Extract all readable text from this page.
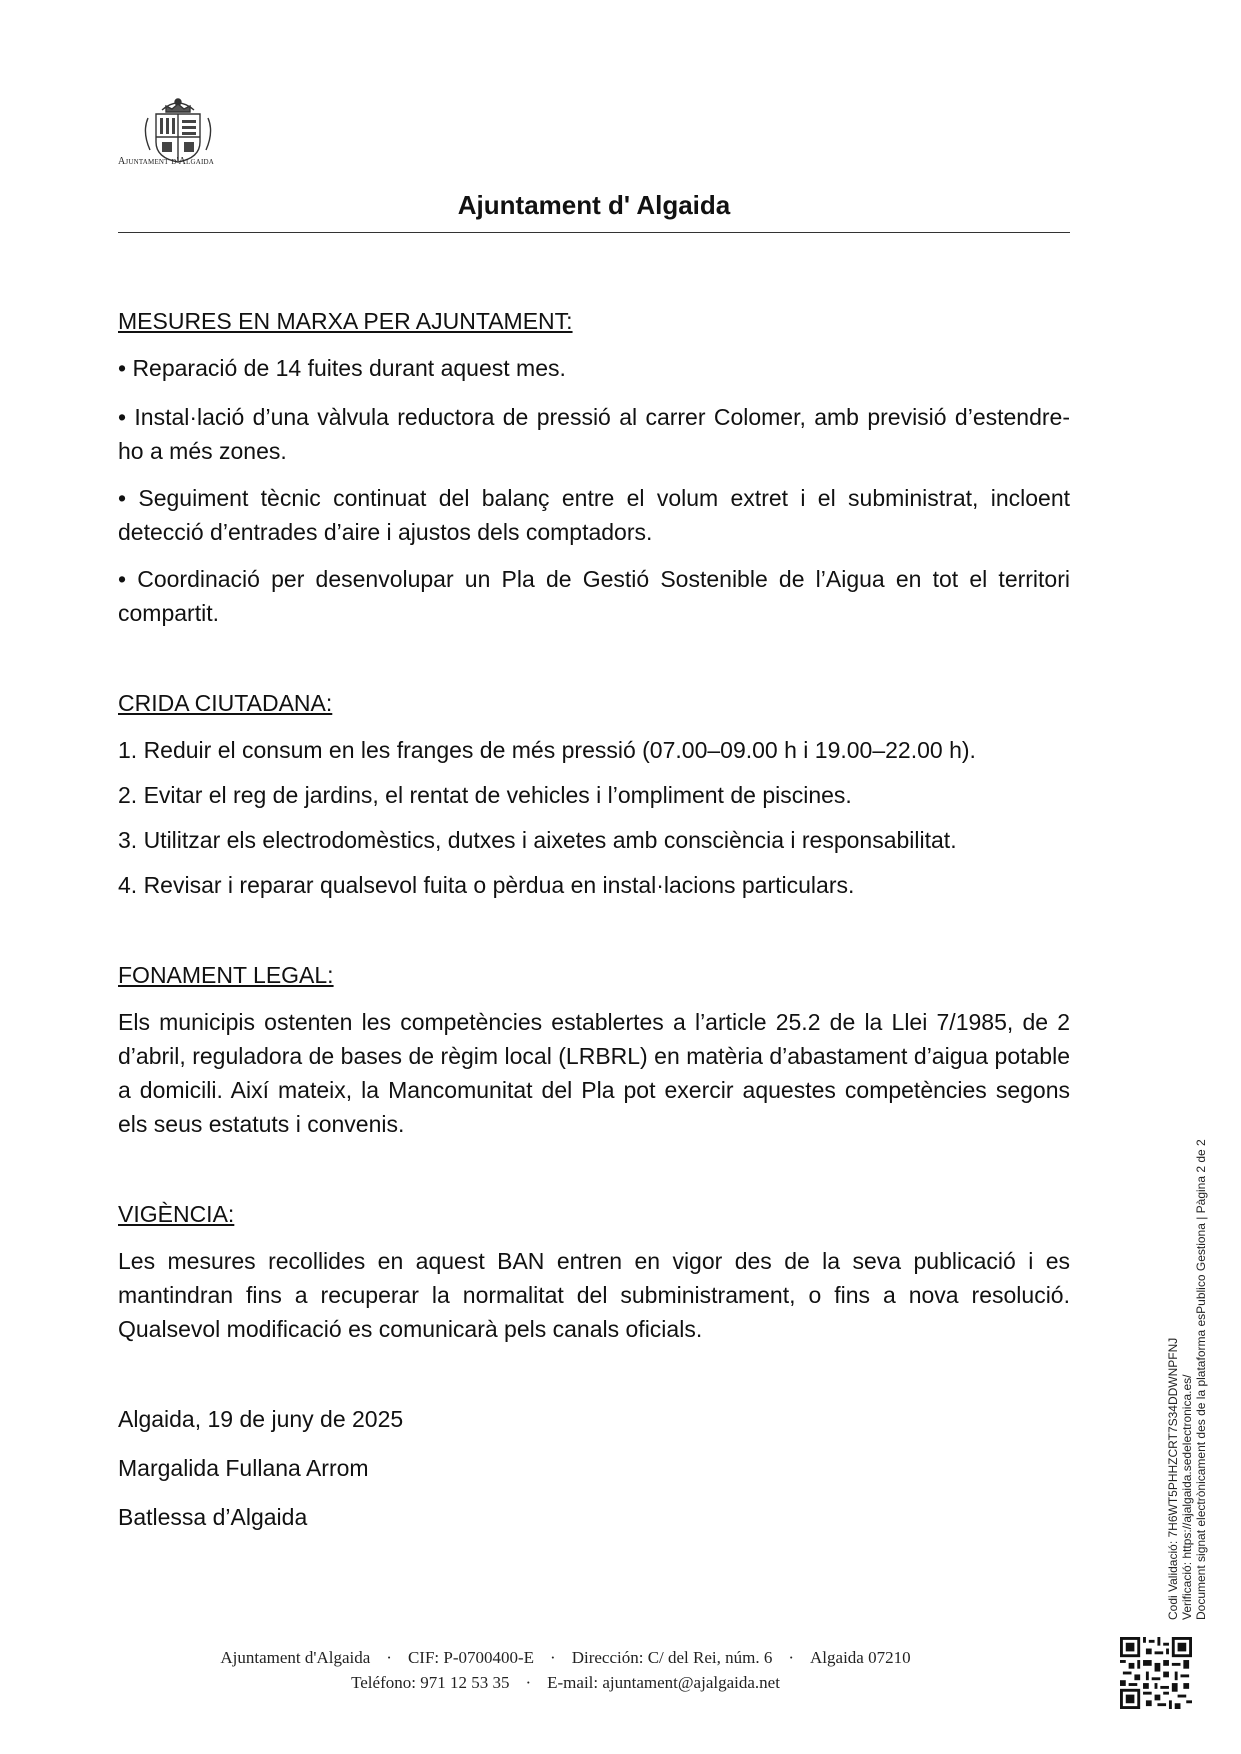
Ajuntament d'Algaida
Ajuntament d' Algaida

MESURES EN MARXA PER AJUNTAMENT:

• Reparació de 14 fuites durant aquest mes.

• Instal·lació d’una vàlvula reductora de pressió al carrer Colomer, amb previsió d’estendre-ho a més zones.

• Seguiment tècnic continuat del balanç entre el volum extret i el subministrat, incloent detecció d’entrades d’aire i ajustos dels comptadors.

• Coordinació per desenvolupar un Pla de Gestió Sostenible de l’Aigua en tot el territori compartit.

CRIDA CIUTADANA:

1. Reduir el consum en les franges de més pressió (07.00–09.00 h i 19.00–22.00 h).
2. Evitar el reg de jardins, el rentat de vehicles i l’ompliment de piscines.
3. Utilitzar els electrodomèstics, dutxes i aixetes amb consciència i responsabilitat.
4. Revisar i reparar qualsevol fuita o pèrdua en instal·lacions particulars.

FONAMENT LEGAL:

Els municipis ostenten les competències establertes a l’article 25.2 de la Llei 7/1985, de 2 d’abril, reguladora de bases de règim local (LRBRL) en matèria d’abastament d’aigua potable a domicili. Així mateix, la Mancomunitat del Pla pot exercir aquestes competències segons els seus estatuts i convenis.

VIGÈNCIA:

Les mesures recollides en aquest BAN entren en vigor des de la seva publicació i es mantindran fins a recuperar la normalitat del subministrament, o fins a nova resolució. Qualsevol modificació es comunicarà pels canals oficials.

Algaida, 19 de juny de 2025

Margalida Fullana Arrom

Batlessa d’Algaida

Ajuntament d'Algaida · CIF: P-0700400-E · Dirección: C/ del Rei, núm. 6 · Algaida 07210
Teléfono: 971 12 53 35 · E-mail: ajuntament@ajalgaida.net
Codi Validació: 7H6WT5PHHZCRT7S34DDWNPFNJ Verificació: https://ajalgaida.sedelectronica.es/ Document signat electrònicament des de la plataforma esPublico Gestiona | Pàgina 2 de 2
